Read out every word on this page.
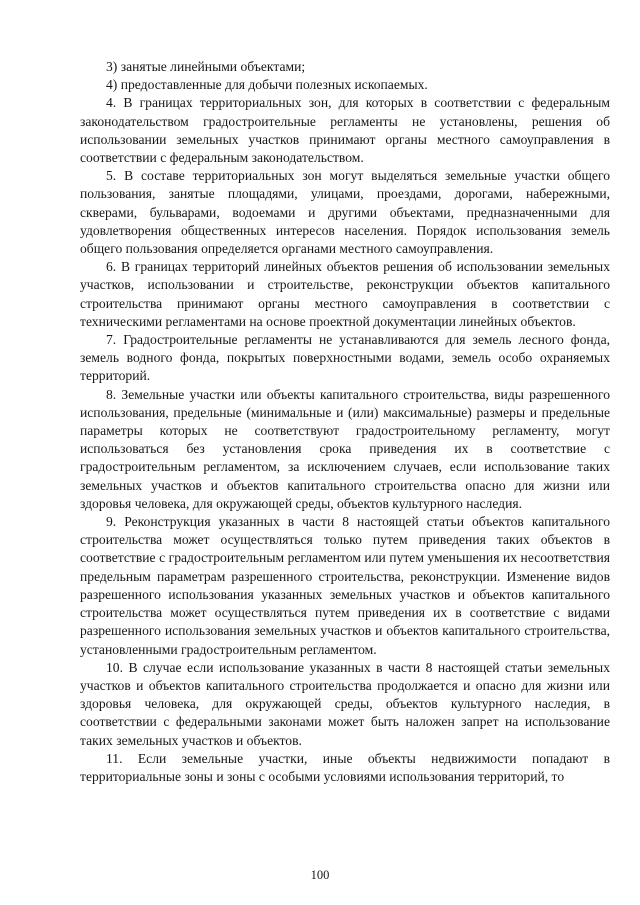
3) занятые линейными объектами;

4) предоставленные для добычи полезных ископаемых.

4. В границах территориальных зон, для которых в соответствии с федеральным законодательством градостроительные регламенты не установлены, решения об использовании земельных участков принимают органы местного самоуправления в соответствии с федеральным законодательством.

5. В составе территориальных зон могут выделяться земельные участки общего пользования, занятые площадями, улицами, проездами, дорогами, набережными, скверами, бульварами, водоемами и другими объектами, предназначенными для удовлетворения общественных интересов населения. Порядок использования земель общего пользования определяется органами местного самоуправления.

6. В границах территорий линейных объектов решения об использовании земельных участков, использовании и строительстве, реконструкции объектов капитального строительства принимают органы местного самоуправления в соответствии с техническими регламентами на основе проектной документации линейных объектов.

7. Градостроительные регламенты не устанавливаются для земель лесного фонда, земель водного фонда, покрытых поверхностными водами, земель особо охраняемых территорий.

8. Земельные участки или объекты капитального строительства, виды разрешенного использования, предельные (минимальные и (или) максимальные) размеры и предельные параметры которых не соответствуют градостроительному регламенту, могут использоваться без установления срока приведения их в соответствие с градостроительным регламентом, за исключением случаев, если использование таких земельных участков и объектов капитального строительства опасно для жизни или здоровья человека, для окружающей среды, объектов культурного наследия.

9. Реконструкция указанных в части 8 настоящей статьи объектов капитального строительства может осуществляться только путем приведения таких объектов в соответствие с градостроительным регламентом или путем уменьшения их несоответствия предельным параметрам разрешенного строительства, реконструкции. Изменение видов разрешенного использования указанных земельных участков и объектов капитального строительства может осуществляться путем приведения их в соответствие с видами разрешенного использования земельных участков и объектов капитального строительства, установленными градостроительным регламентом.

10. В случае если использование указанных в части 8 настоящей статьи земельных участков и объектов капитального строительства продолжается и опасно для жизни или здоровья человека, для окружающей среды, объектов культурного наследия, в соответствии с федеральными законами может быть наложен запрет на использование таких земельных участков и объектов.

11. Если земельные участки, иные объекты недвижимости попадают в территориальные зоны и зоны с особыми условиями использования территорий, то

100
